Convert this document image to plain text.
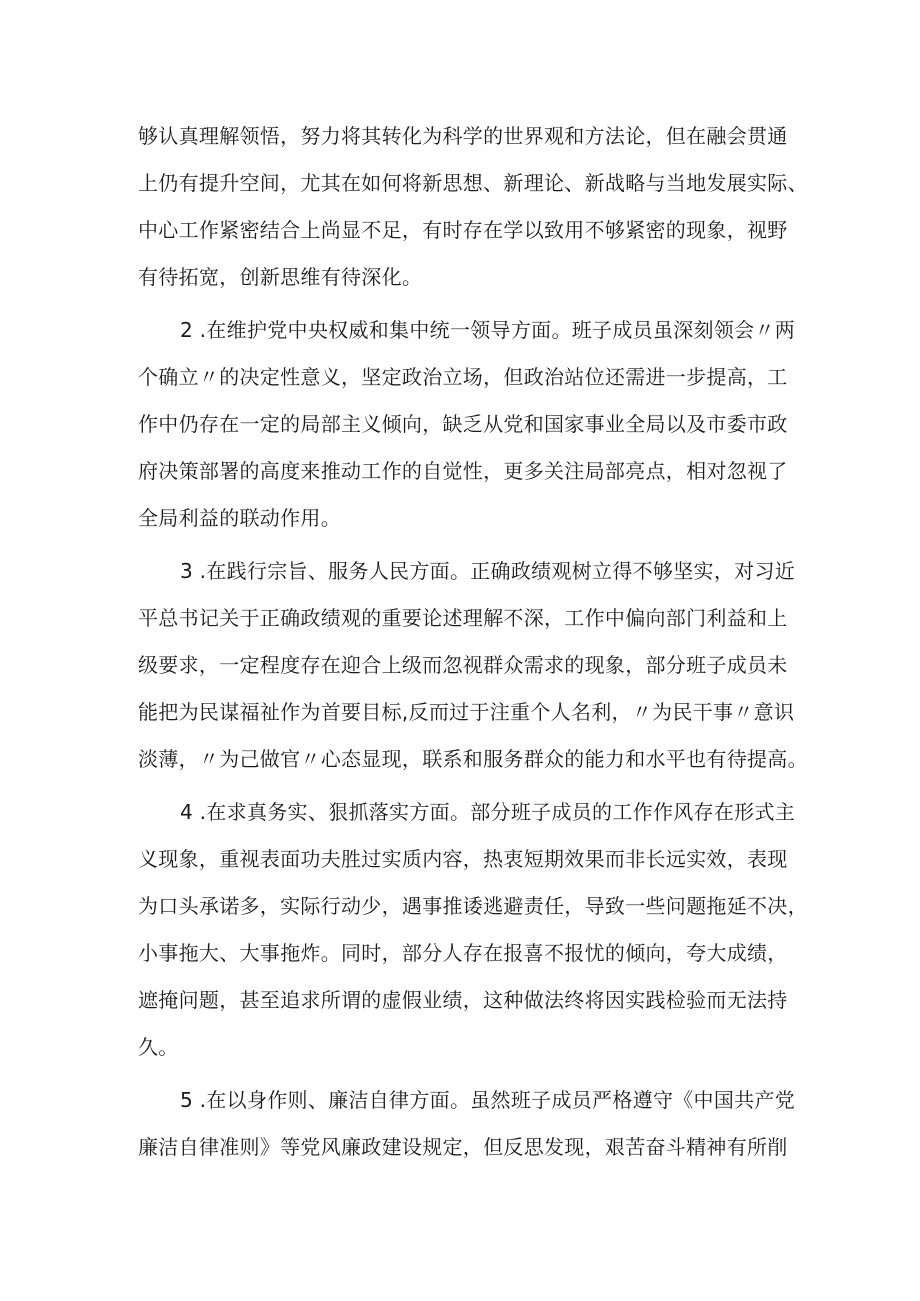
够认真理解领悟，努力将其转化为科学的世界观和方法论，但在融会贯通
上仍有提升空间，尤其在如何将新思想、新理论、新战略与当地发展实际、
中心工作紧密结合上尚显不足，有时存在学以致用不够紧密的现象，视野
有待拓宽，创新思维有待深化。
2 .在维护党中央权威和集中统一领导方面。班子成员虽深刻领会〃两
个确立〃的决定性意义，坚定政治立场，但政治站位还需进一步提高，工
作中仍存在一定的局部主义倾向，缺乏从党和国家事业全局以及市委市政
府决策部署的高度来推动工作的自觉性，更多关注局部亮点，相对忽视了
全局利益的联动作用。
3 .在践行宗旨、服务人民方面。正确政绩观树立得不够坚实，对习近
平总书记关于正确政绩观的重要论述理解不深，工作中偏向部门利益和上
级要求，一定程度存在迎合上级而忽视群众需求的现象，部分班子成员未
能把为民谋福祉作为首要目标,反而过于注重个人名利，〃为民干事〃意识
淡薄，〃为己做官〃心态显现，联系和服务群众的能力和水平也有待提高。
4 .在求真务实、狠抓落实方面。部分班子成员的工作作风存在形式主
义现象，重视表面功夫胜过实质内容，热衷短期效果而非长远实效，表现
为口头承诺多，实际行动少，遇事推诿逃避责任，导致一些问题拖延不决，
小事拖大、大事拖炸。同时，部分人存在报喜不报忧的倾向，夸大成绩，
遮掩问题，甚至追求所谓的虚假业绩，这种做法终将因实践检验而无法持
久。
5 .在以身作则、廉洁自律方面。虽然班子成员严格遵守《中国共产党
廉洁自律准则》等党风廉政建设规定，但反思发现，艰苦奋斗精神有所削
